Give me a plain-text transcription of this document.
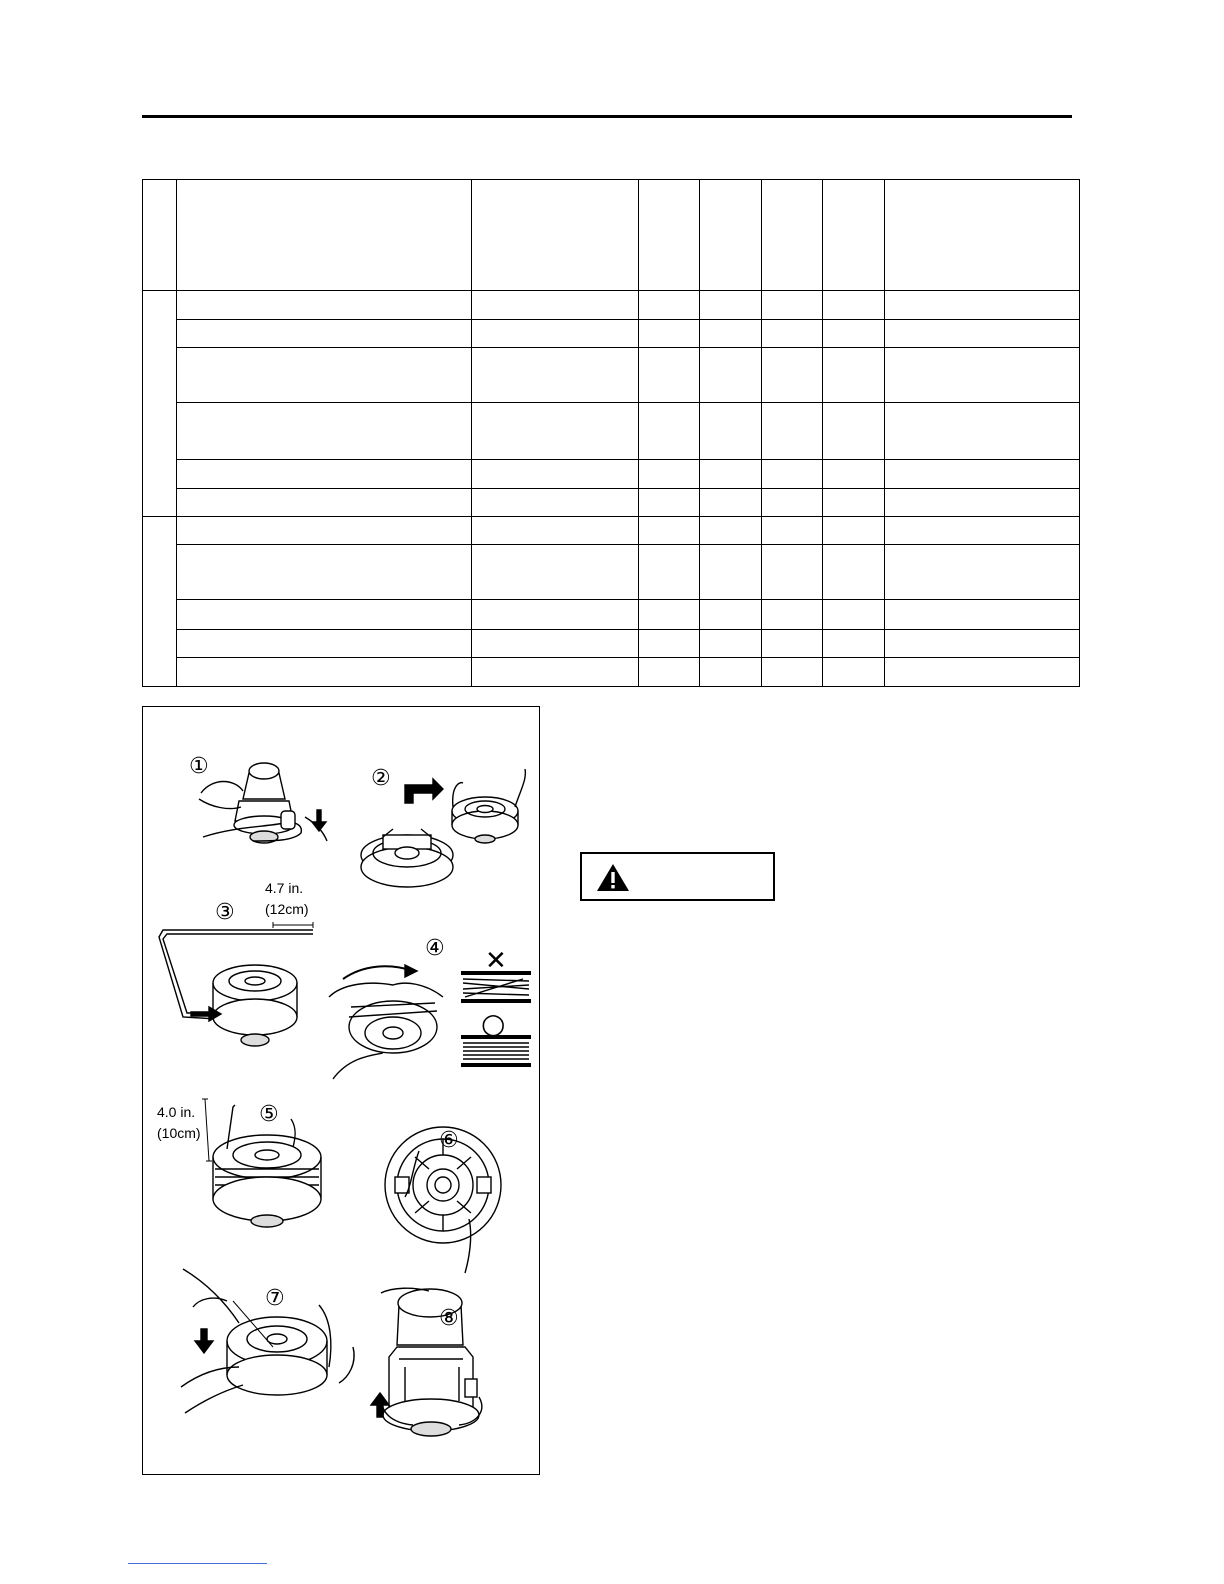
①	②
③
④
⑤
⑥
⑦
⑧
4.7 in.
(12cm)
4.0 in.
(10cm)
✕
○
